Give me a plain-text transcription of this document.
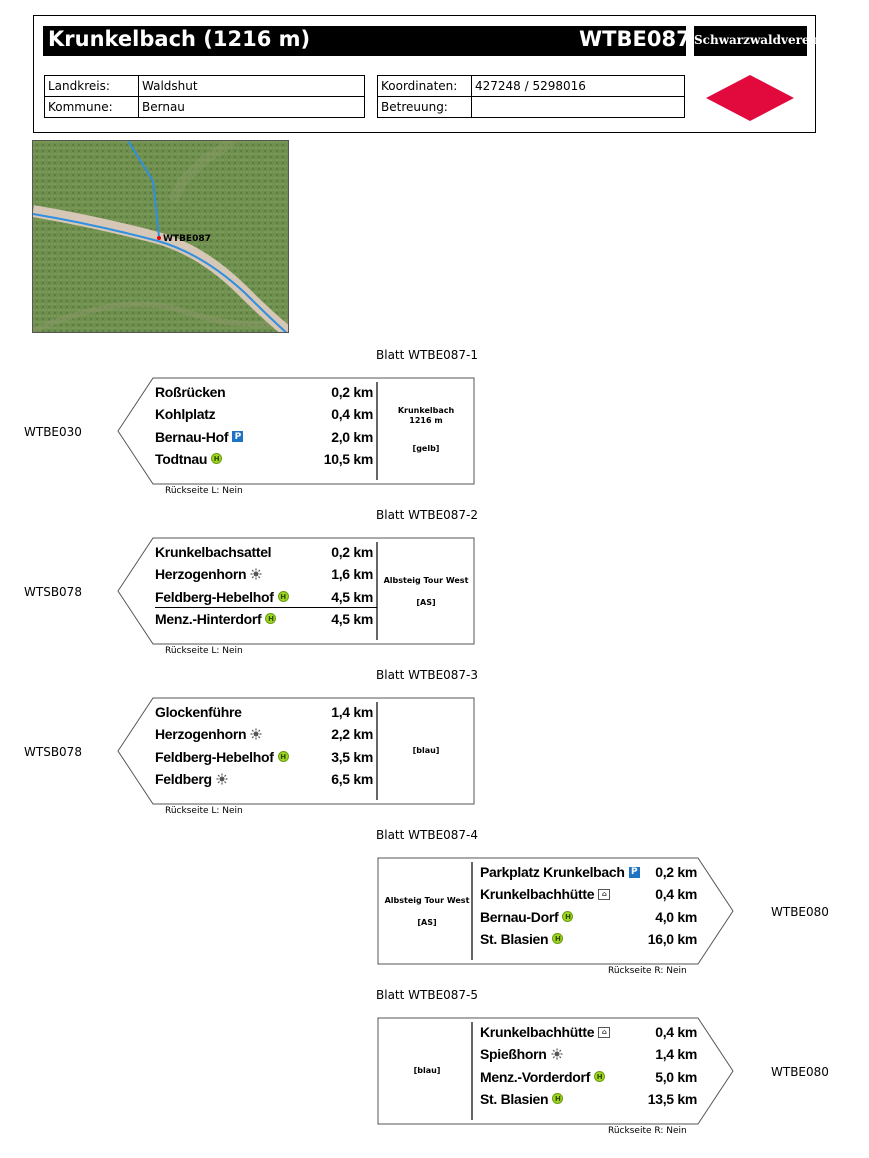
Krunkelbach (1216 m)	WTBE087 Schwarzwaldverein
Landkreis:	Waldshut
Kommune:	Bernau
Koordinaten:	427248 / 5298016
Betreuung:	
WTBE087
Blatt WTBE087-1
Roßrücken	0,2 km
Kohlplatz	0,4 km
Bernau-Hof P	2,0 km
Todtnau H	10,5 km
Krunkelbach
1216 m
[gelb]
WTBE030
Rückseite L: Nein
Blatt WTBE087-2
Krunkelbachsattel	0,2 km
Herzogenhorn	1,6 km
Feldberg-Hebelhof H	4,5 km
Menz.-Hinterdorf H	4,5 km
Albsteig Tour West
[AS]
WTSB078
Rückseite L: Nein
Blatt WTBE087-3
Glockenführe	1,4 km
Herzogenhorn	2,2 km
Feldberg-Hebelhof H	3,5 km
Feldberg	6,5 km
[blau]
WTSB078
Rückseite L: Nein
Blatt WTBE087-4
Parkplatz Krunkelbach P 0,2 km
Krunkelbachhütte	⌂	0,4 km
Bernau-Dorf H	4,0 km
St. Blasien H	16,0 km
Albsteig Tour West
[AS]
WTBE080
Rückseite R: Nein
Blatt WTBE087-5
Krunkelbachhütte	⌂	0,4 km
Spießhorn	1,4 km
Menz.-Vorderdorf H	5,0 km
St. Blasien H	13,5 km
[blau]	WTBE080
Rückseite R: Nein
